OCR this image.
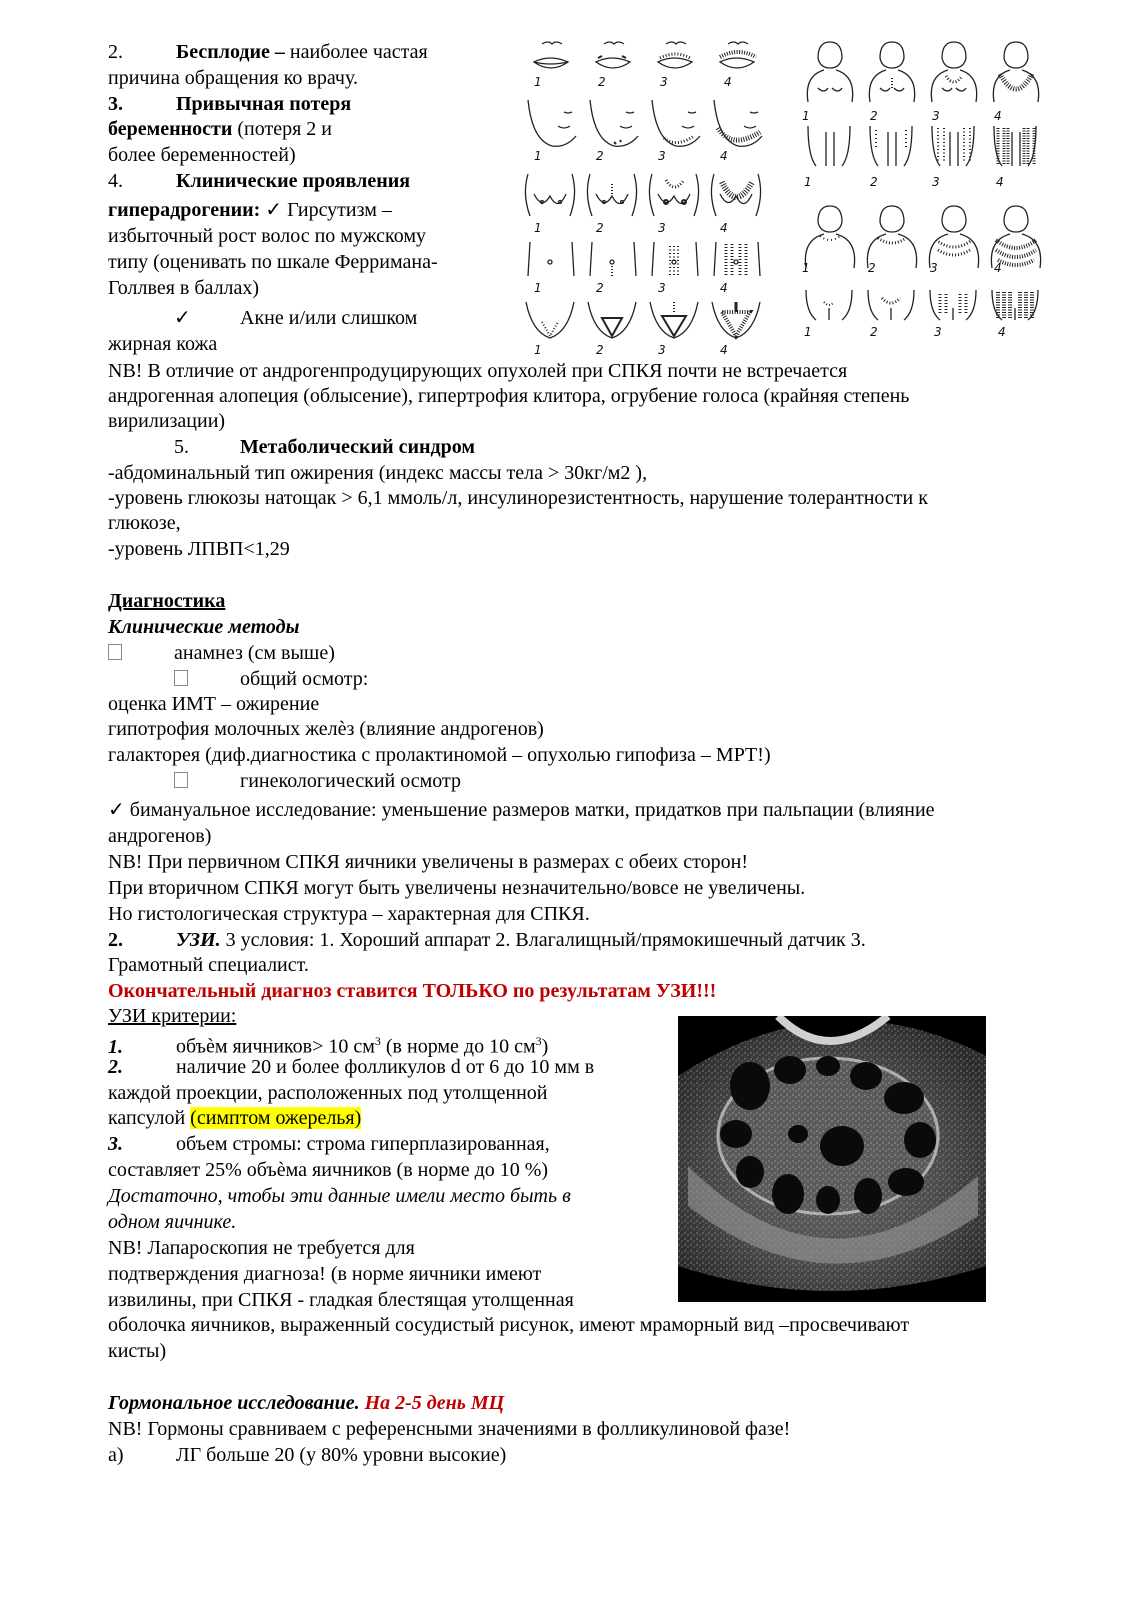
2.	Бесплодие – наиболее частая
причина обращения ко врачу.
3.	Привычная потеря
беременности (потеря 2 и
более беременностей)
4.	Клинические проявления
гиперадрогении: ✓ Гирсутизм –
избыточный рост волос по мужскому
типу (оценивать по шкале Ферримана-
Голлвея в баллах)
✓ Акне и/или слишком
жирная кожа
1	2	3	4
1	2	3	4
1	2	3	4
1	2	3	4
1	2	3	4
1	2	3	4
1	2	3	4
1	2	3	4
1	2	3	4
NB! В отличие от андрогенпродуцирующих опухолей при СПКЯ почти не встречается
андрогенная алопеция (облысение), гипертрофия клитора, огрубение голоса (крайняя степень
вирилизации)
5.	Метаболический синдром
-абдоминальный тип ожирения (индекс массы тела > 30кг/м2 ),
-уровень глюкозы натощак > 6,1 ммоль/л, инсулинорезистентность, нарушение толерантности к
глюкозе,
-уровень ЛПВП<1,29
Диагностика
Клинические методы
анамнез (см выше)
общий осмотр:
оценка ИМТ – ожирение
гипотрофия молочных желѐз (влияние андрогенов)
галакторея (диф.диагностика с пролактиномой – опухолью гипофиза – МРТ!)
гинекологический осмотр
✓ бимануальное исследование: уменьшение размеров матки, придатков при пальпации (влияние
андрогенов)
NB! При первичном СПКЯ яичники увеличены в размерах с обеих сторон!
При вторичном СПКЯ могут быть увеличены незначительно/вовсе не увеличены.
Но гистологическая структура – характерная для СПКЯ.
2.	УЗИ. 3 условия: 1. Хороший аппарат 2. Влагалищный/прямокишечный датчик 3.
Грамотный специалист.
Окончательный диагноз ставится ТОЛЬКО по результатам УЗИ!!!
УЗИ критерии:
1.	объѐм яичников> 10 $см^3$ (в норме до 10 $см^3$)
2.	наличие 20 и более фолликулов d от 6 до 10 мм в
каждой проекции, расположенных под утолщенной
капсулой (симптом ожерелья)
3.	объем стромы: строма гиперплазированная,
составляет 25% объѐма яичников (в норме до 10 %)
Достаточно, чтобы эти данные имели место быть в
одном яичнике.
NB! Лапароскопия не требуется для
подтверждения диагноза! (в норме яичники имеют
извилины, при СПКЯ - гладкая блестящая утолщенная
оболочка яичников, выраженный сосудистый рисунок, имеют мраморный вид –просвечивают
кисты)
Гормональное исследование. На 2-5 день МЦ
NB! Гормоны сравниваем с референсными значениями в фолликулиновой фазе!
а)	ЛГ больше 20 (у 80% уровни высокие)
